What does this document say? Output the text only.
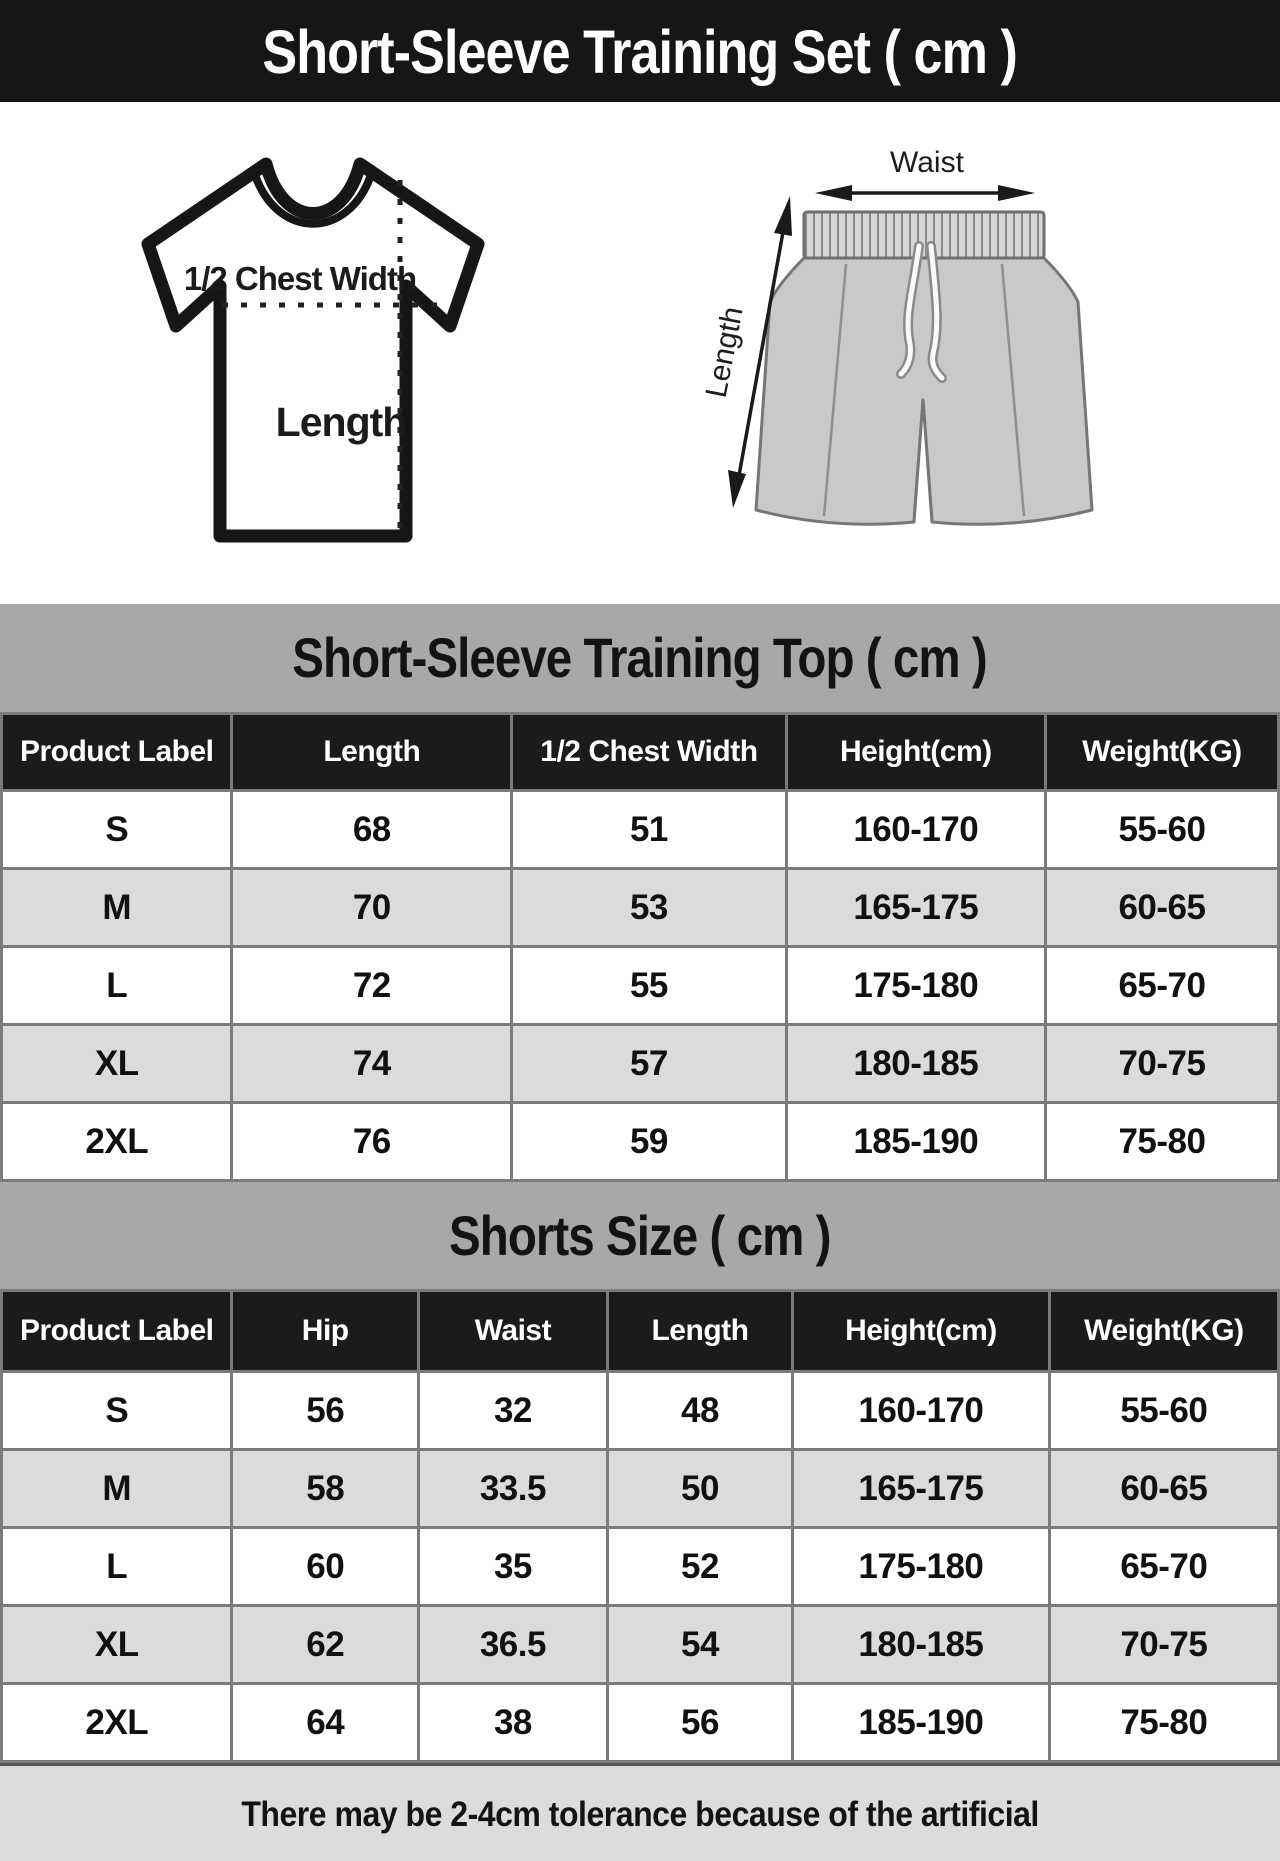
Short-Sleeve Training Set ( cm )
1/2 Chest Width
Length
Waist
Length
Short-Sleeve Training Top ( cm )
Product Label	Length	1/2 Chest Width	Height(cm)	Weight(KG)
S	68	51	160-170	55-60
M	70	53	165-175	60-65
L	72	55	175-180	65-70
XL	74	57	180-185	70-75
2XL	76	59	185-190	75-80
Shorts Size ( cm )
Product Label	Hip	Waist	Length	Height(cm)	Weight(KG)
S	56	32	48	160-170	55-60
M	58	33.5	50	165-175	60-65
L	60	35	52	175-180	65-70
XL	62	36.5	54	180-185	70-75
2XL	64	38	56	185-190	75-80
There may be 2-4cm tolerance because of the artificial
